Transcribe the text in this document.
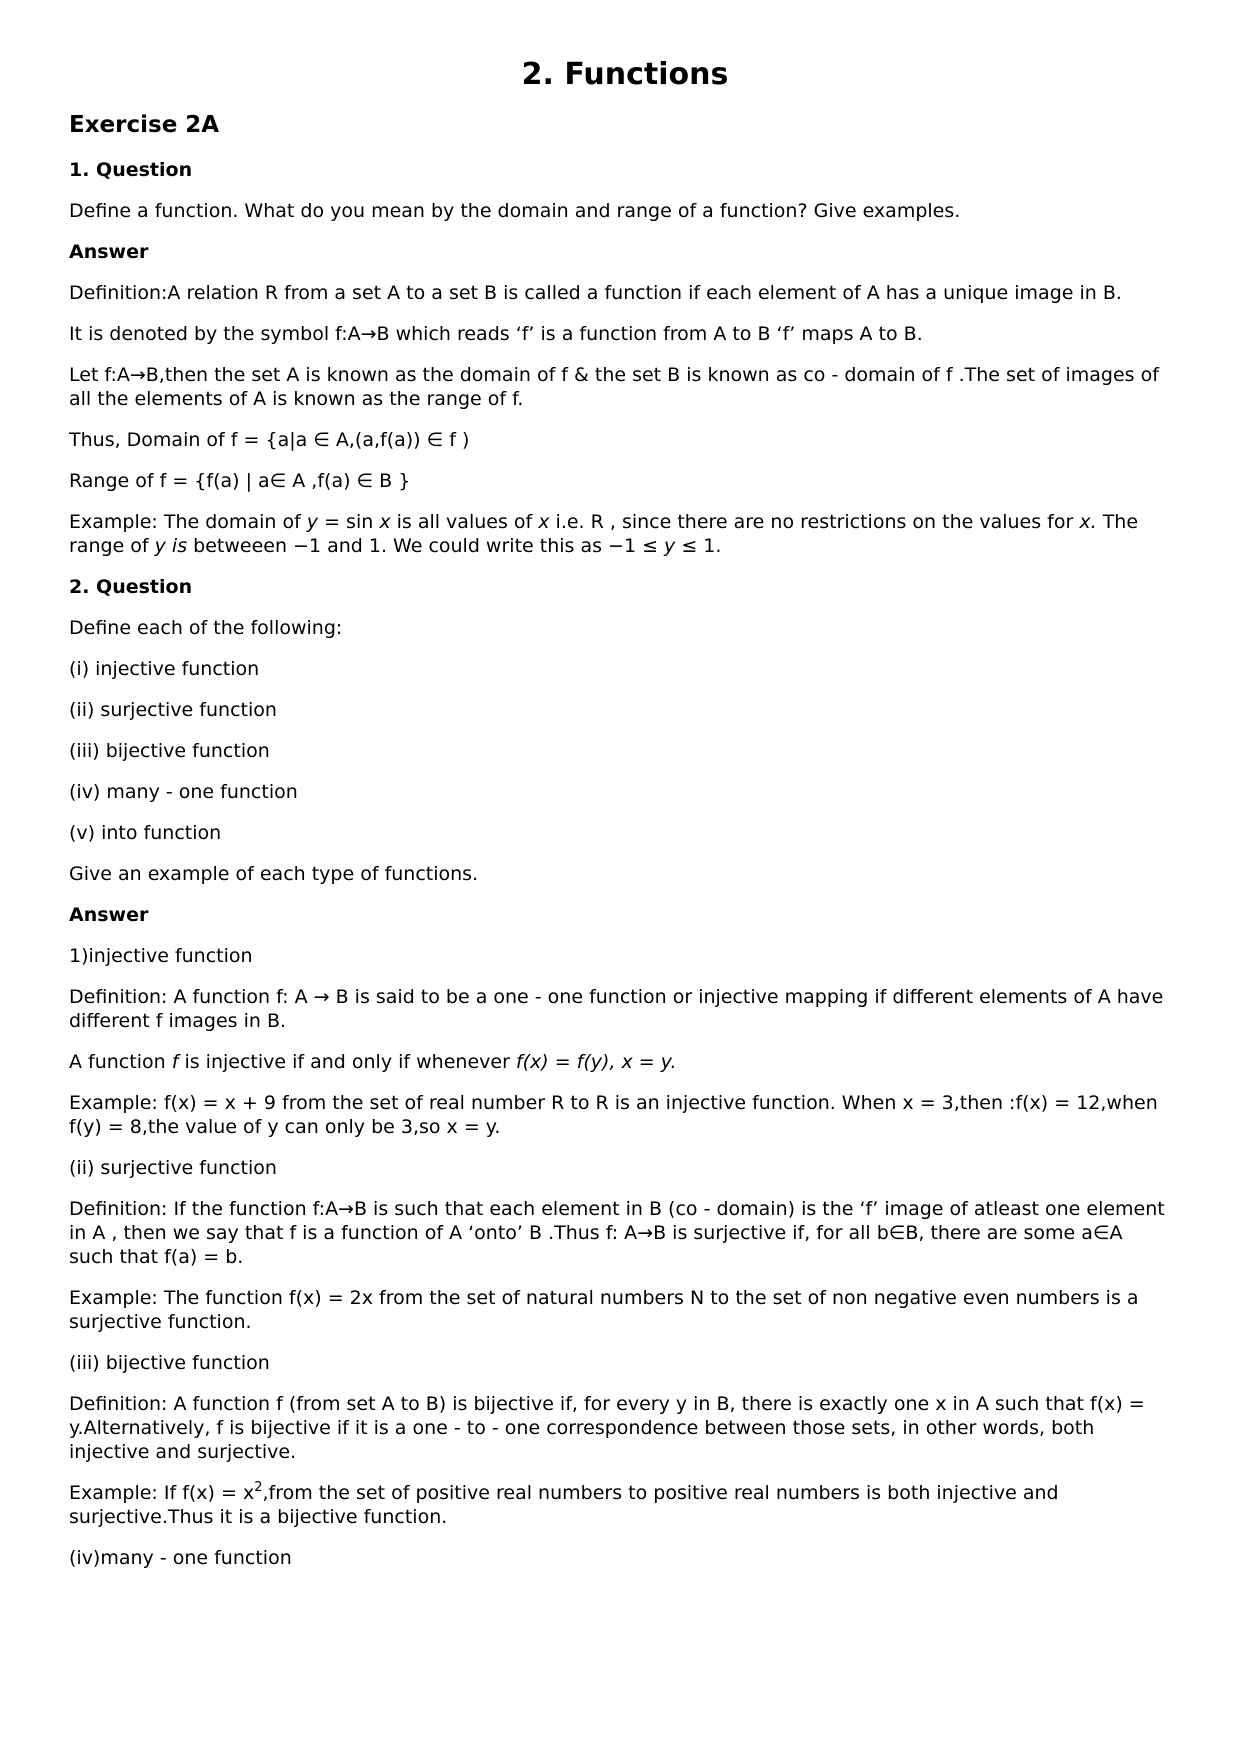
2. Functions
Exercise 2A

1. Question

Define a function. What do you mean by the domain and range of a function? Give examples.

Answer

Definition:A relation R from a set A to a set B is called a function if each element of A has a unique image in B.

It is denoted by the symbol f:A→B which reads ‘f’ is a function from A to B ‘f’ maps A to B.

Let f:A→B,then the set A is known as the domain of f & the set B is known as co - domain of f .The set of images of all the elements of A is known as the range of f.

Thus, Domain of f = {a|a ∈ A,(a,f(a)) ∈ f )

Range of f = {f(a) | a∈ A ,f(a) ∈ B }

Example: The domain of y = sin x is all values of x i.e. R , since there are no restrictions on the values for x. The range of y is betweeen −1 and 1. We could write this as −1 ≤ y ≤ 1.

2. Question

Define each of the following:

(i) injective function

(ii) surjective function

(iii) bijective function

(iv) many - one function

(v) into function

Give an example of each type of functions.

Answer

1)injective function

Definition: A function f: A → B is said to be a one - one function or injective mapping if different elements of A have different f images in B.

A function f is injective if and only if whenever f(x) = f(y), x = y.

Example: f(x) = x + 9 from the set of real number R to R is an injective function. When x = 3,then :f(x) = 12,when f(y) = 8,the value of y can only be 3,so x = y.

(ii) surjective function

Definition: If the function f:A→B is such that each element in B (co - domain) is the ‘f’ image of atleast one element in A , then we say that f is a function of A ‘onto’ B .Thus f: A→B is surjective if, for all b∈B, there are some a∈A such that f(a) = b.

Example: The function f(x) = 2x from the set of natural numbers N to the set of non negative even numbers is a surjective function.

(iii) bijective function

Definition: A function f (from set A to B) is bijective if, for every y in B, there is exactly one x in A such that f(x) = y.Alternatively, f is bijective if it is a one - to - one correspondence between those sets, in other words, both injective and surjective.

Example: If $f(x) = x^2,from$ the set of positive real numbers to positive real numbers is both injective and surjective.Thus it is a bijective function.

(iv)many - one function
